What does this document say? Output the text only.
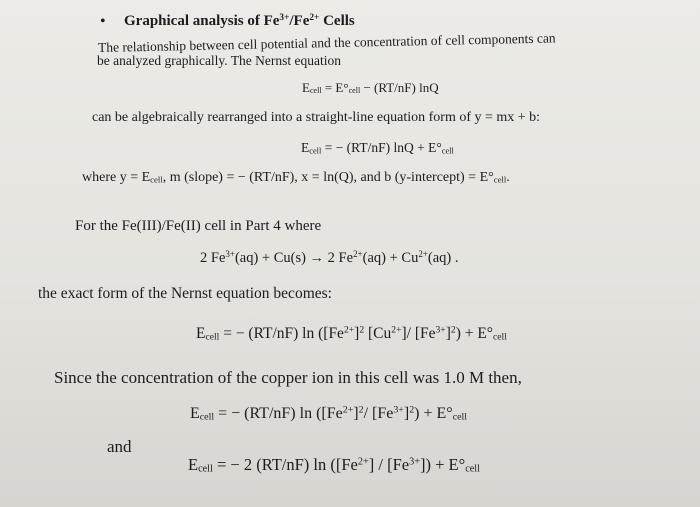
• Graphical analysis of $Fe^{3+}/Fe^{2+}$ Cells
The relationship between cell potential and the concentration of cell components can
be analyzed graphically. The Nernst equation
$E_{cell} = E^\circ_{cell} - (RT/nF)$ lnQ
can be algebraically rearranged into a straight-line equation form of y = mx + b:
$E_{cell}$ = − (RT/nF) $\ln Q + E^\circ_{cell}$
where $y = E_{cell}$, m (slope) = − (RT/nF), x = ln(Q), and b (y-intercept) = $E^\circ_{cell}$.
For the Fe(III)/Fe(II) cell in Part 4 where
2 $Fe^{3+}(aq) + Cu(s) \to 2$ $Fe^{2+}(aq) + Cu^{2+}(aq)$ .
the exact form of the Nernst equation becomes:
$E_{cell}$ = − (RT/nF) $\ln ([Fe^{2+}]^2$ $[Cu^{2+}]/$ $[Fe^{3+}]^2) + E^\circ_{cell}$
Since the concentration of the copper ion in this cell was 1.0 M then,
$E_{cell}$ = − (RT/nF) $\ln ([Fe^{2+}]^2/$ $[Fe^{3+}]^2) + E^\circ_{cell}$
and
$E_{cell}$ = − 2 (RT/nF) $\ln ([Fe^{2+}] / [Fe^{3+}]) + E^\circ_{cell}$
